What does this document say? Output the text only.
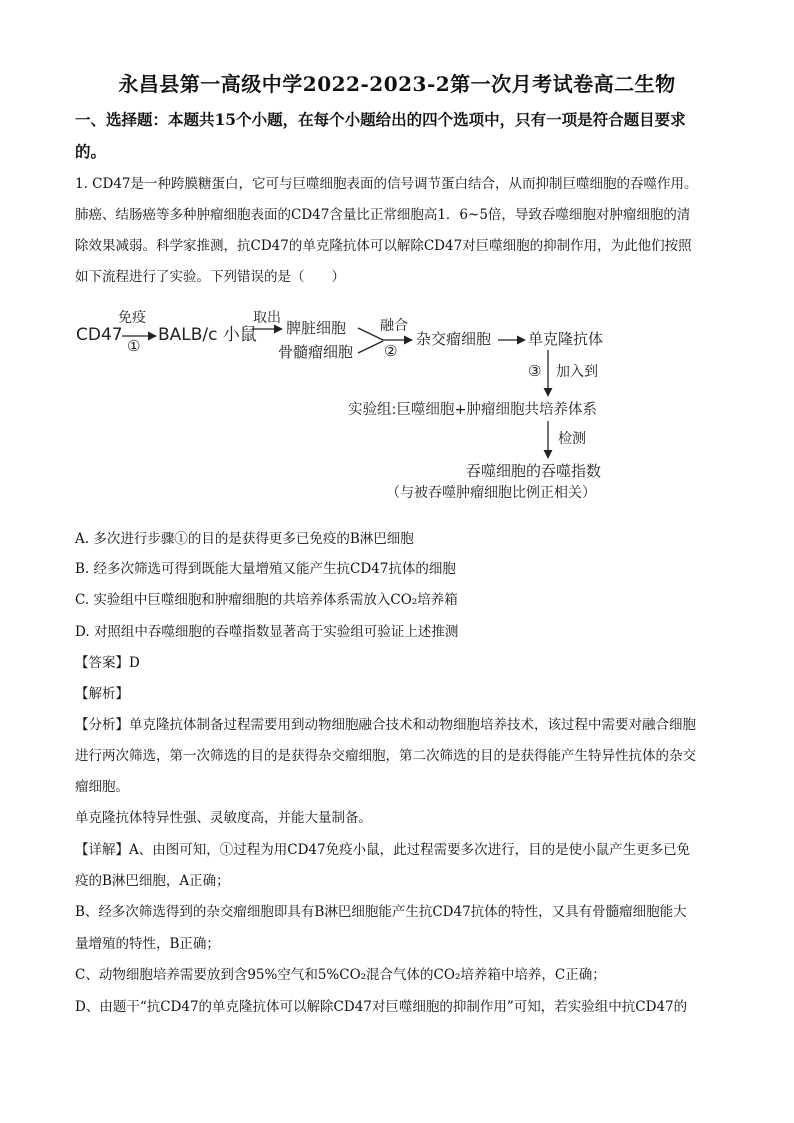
永昌县第一高级中学2022-2023-2第一次月考试卷高二生物
一、选择题：本题共15个小题，在每个小题给出的四个选项中，只有一项是符合题目要求
的。
1. CD47是一种跨膜糖蛋白，它可与巨噬细胞表面的信号调节蛋白结合，从而抑制巨噬细胞的吞噬作用。
肺癌、结肠癌等多种肿瘤细胞表面的CD47含量比正常细胞高1．6~5倍，导致吞噬细胞对肿瘤细胞的清
除效果减弱。科学家推测，抗CD47的单克隆抗体可以解除CD47对巨噬细胞的抑制作用，为此他们按照
如下流程进行了实验。下列错误的是（　　）
CD47
免疫
①
BALB/c 小鼠
取出
脾脏细胞
骨髓瘤细胞
融合
②
杂交瘤细胞 单克隆抗体
③ 加入到
实验组:巨噬细胞+肿瘤细胞共培养体系
检测
吞噬细胞的吞噬指数
（与被吞噬肿瘤细胞比例正相关）
A. 多次进行步骤①的目的是获得更多已免疫的B淋巴细胞
B. 经多次筛选可得到既能大量增殖又能产生抗CD47抗体的细胞
C. 实验组中巨噬细胞和肿瘤细胞的共培养体系需放入CO₂培养箱
D. 对照组中吞噬细胞的吞噬指数显著高于实验组可验证上述推测
【答案】D
【解析】
【分析】单克隆抗体制备过程需要用到动物细胞融合技术和动物细胞培养技术，该过程中需要对融合细胞
进行两次筛选，第一次筛选的目的是获得杂交瘤细胞，第二次筛选的目的是获得能产生特异性抗体的杂交
瘤细胞。
单克隆抗体特异性强、灵敏度高，并能大量制备。
【详解】A、由图可知，①过程为用CD47免疫小鼠，此过程需要多次进行，目的是使小鼠产生更多已免
疫的B淋巴细胞，A正确；
B、经多次筛选得到的杂交瘤细胞即具有B淋巴细胞能产生抗CD47抗体的特性，又具有骨髓瘤细胞能大
量增殖的特性，B正确；
C、动物细胞培养需要放到含95%空气和5%CO₂混合气体的CO₂培养箱中培养，C正确；
D、由题干“抗CD47的单克隆抗体可以解除CD47对巨噬细胞的抑制作用”可知，若实验组中抗CD47的
